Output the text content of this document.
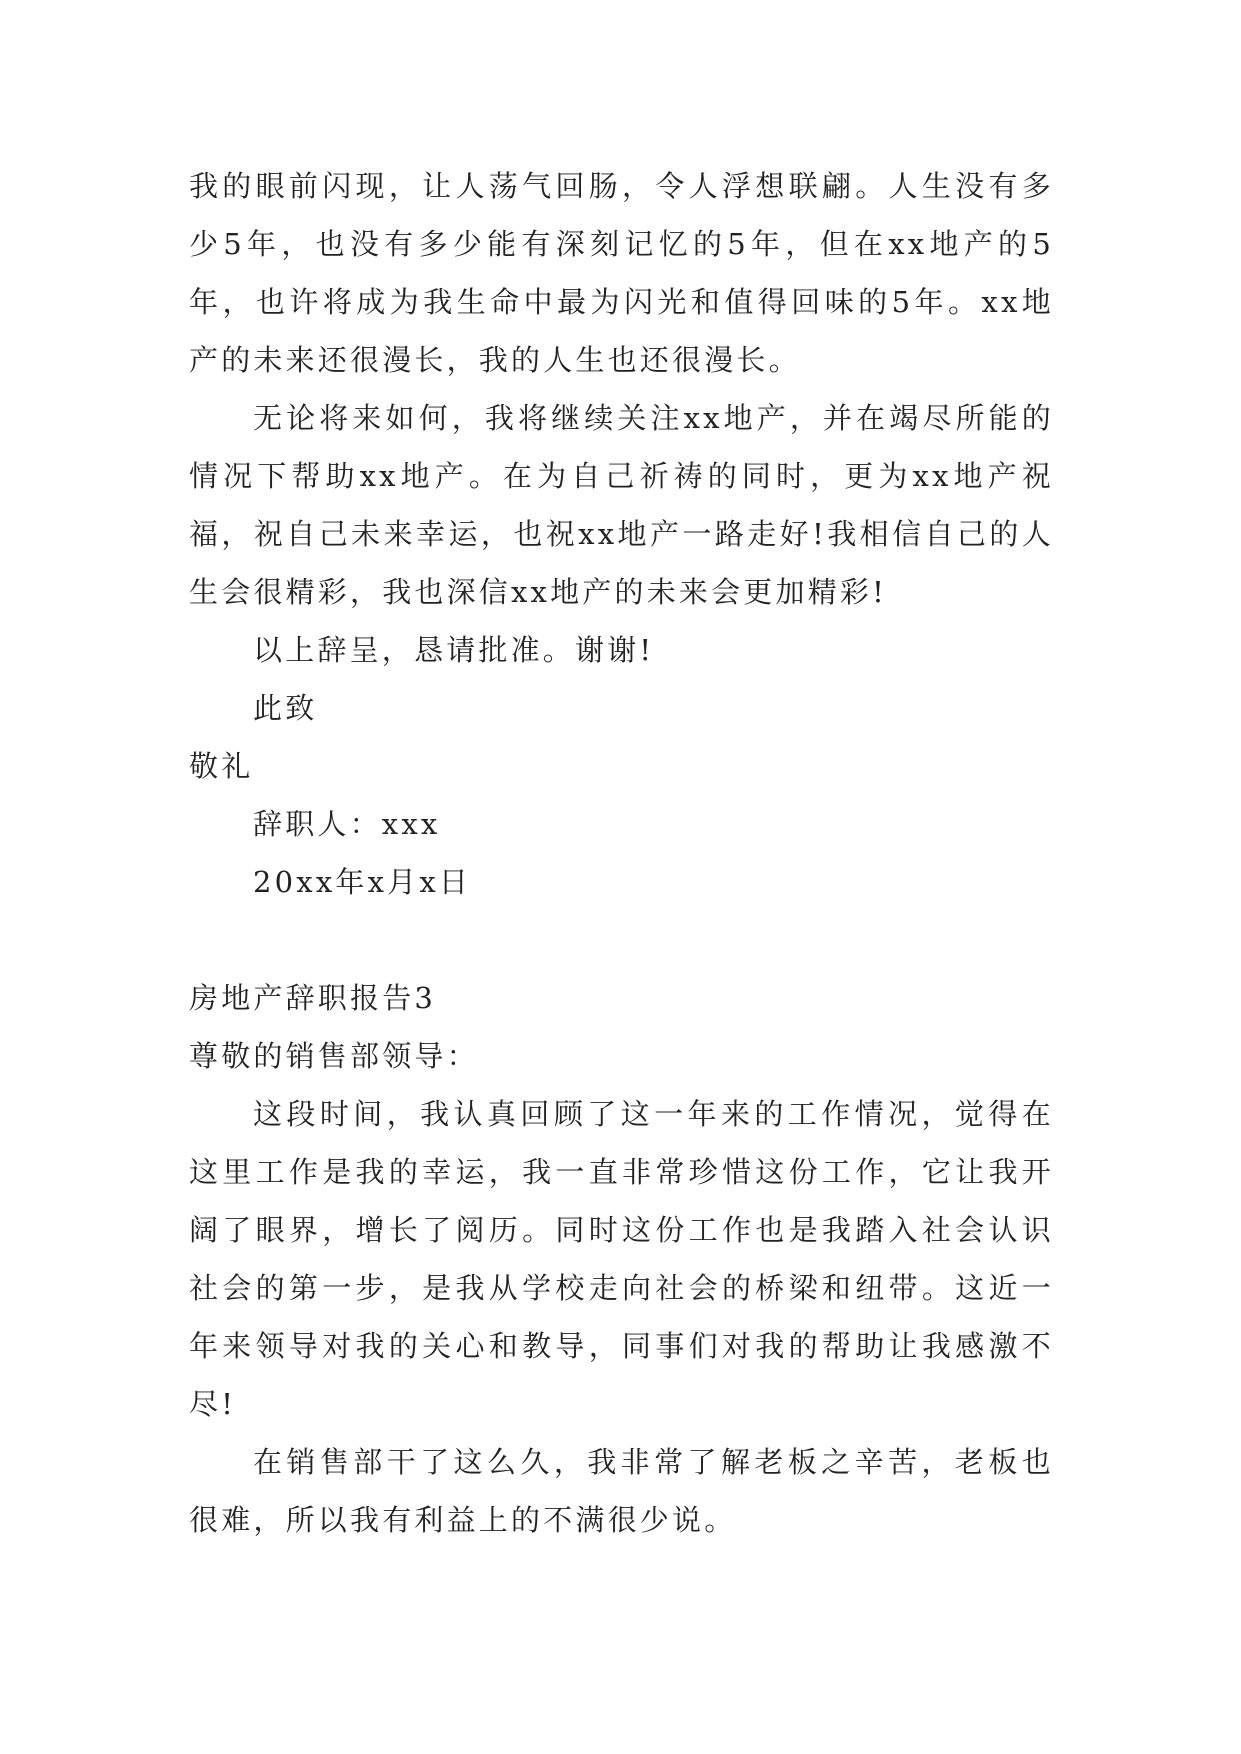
我的眼前闪现，让人荡气回肠，令人浮想联翩。人生没有多少5年，也没有多少能有深刻记忆的5年，但在xx地产的5年，也许将成为我生命中最为闪光和值得回味的5年。xx地产的未来还很漫长，我的人生也还很漫长。

无论将来如何，我将继续关注xx地产，并在竭尽所能的情况下帮助xx地产。在为自己祈祷的同时，更为xx地产祝福，祝自己未来幸运，也祝xx地产一路走好!我相信自己的人生会很精彩，我也深信xx地产的未来会更加精彩!

以上辞呈，恳请批准。谢谢!

此致
敬礼
辞职人：xxx
20xx年x月x日
房地产辞职报告3
尊敬的销售部领导：

这段时间，我认真回顾了这一年来的工作情况，觉得在这里工作是我的幸运，我一直非常珍惜这份工作，它让我开阔了眼界，增长了阅历。同时这份工作也是我踏入社会认识社会的第一步，是我从学校走向社会的桥梁和纽带。这近一年来领导对我的关心和教导，同事们对我的帮助让我感激不尽!

在销售部干了这么久，我非常了解老板之辛苦，老板也很难，所以我有利益上的不满很少说。
